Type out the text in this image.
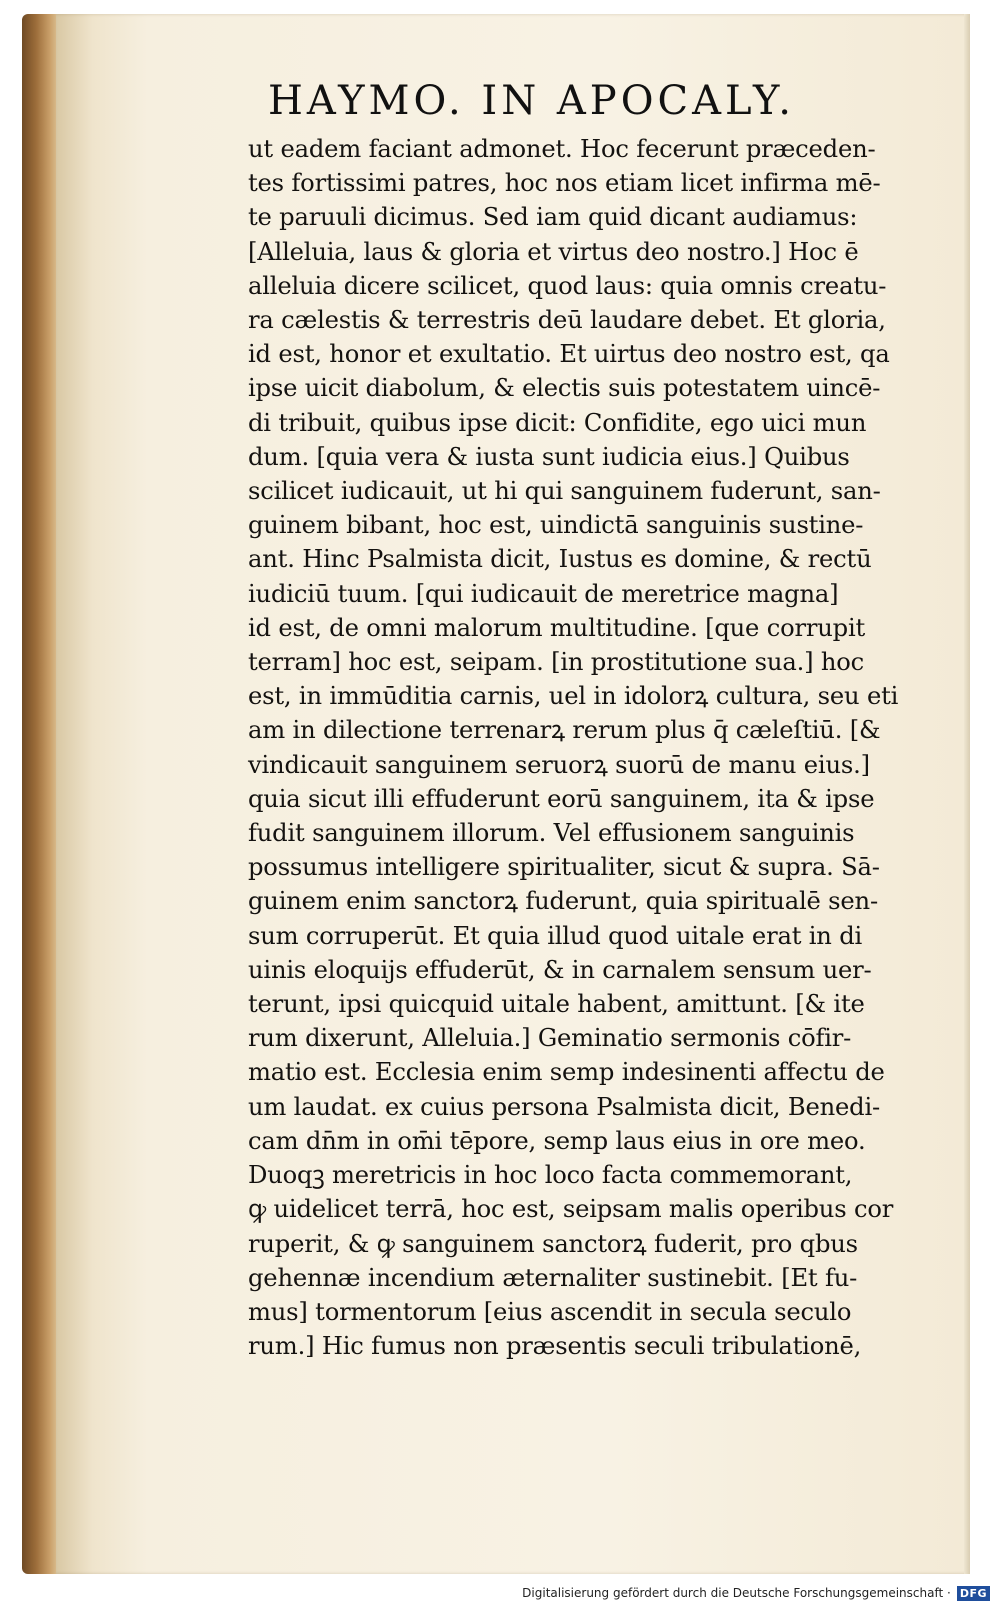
HAYMO. IN APOCALY.
ut eadem faciant admonet. Hoc fecerunt præceden-
tes fortissimi patres, hoc nos etiam licet infirma mē-
te paruuli dicimus. Sed iam quid dicant audiamus:
[Alleluia, laus & gloria et virtus deo nostro.] Hoc ē
alleluia dicere scilicet, quod laus: quia omnis creatu-
ra cælestis & terrestris deū laudare debet. Et gloria,
id est, honor et exultatio. Et uirtus deo nostro est, qa
ipse uicit diabolum, & electis suis potestatem uincē-
di tribuit, quibus ipse dicit: Confidite, ego uici mun
dum. [quia vera & iusta sunt iudicia eius.] Quibus
scilicet iudicauit, ut hi qui sanguinem fuderunt, san-
guinem bibant, hoc est, uindictā sanguinis sustine-
ant. Hinc Psalmista dicit, Iustus es domine, & rectū
iudiciū tuum. [qui iudicauit de meretrice magna]
id est, de omni malorum multitudine. [que corrupit
terram] hoc est, seipam. [in prostitutione sua.] hoc
est, in immūditia carnis, uel in idolorꝝ cultura, seu eti
am in dilectione terrenarꝝ rerum plus q̄ cæleſtiū. [&
vindicauit sanguinem seruorꝝ suorū de manu eius.]
quia sicut illi effuderunt eorū sanguinem, ita & ipse
fudit sanguinem illorum. Vel effusionem sanguinis
possumus intelligere spiritualiter, sicut & supra. Sā-
guinem enim sanctorꝝ fuderunt, quia spiritualē sen-
sum corruperūt. Et quia illud quod uitale erat in di
uinis eloquijs effuderūt, & in carnalem sensum uer-
terunt, ipsi quicquid uitale habent, amittunt. [& ite
rum dixerunt, Alleluia.] Geminatio sermonis cōfir-
matio est. Ecclesia enim semp indesinenti affectu de
um laudat. ex cuius persona Psalmista dicit, Benedi-
cam dn̄m in om̄i tēpore, semp laus eius in ore meo.
Duoqꝫ meretricis in hoc loco facta commemorant,
ꝙ uidelicet terrā, hoc est, seipsam malis operibus cor
ruperit, & ꝙ sanguinem sanctorꝝ fuderit, pro qbus
gehennæ incendium æternaliter sustinebit. [Et fu-
mus] tormentorum [eius ascendit in secula seculo
rum.] Hic fumus non præsentis seculi tribulationē,
Digitalisierung gefördert durch die Deutsche Forschungsgemeinschaft · DFG
